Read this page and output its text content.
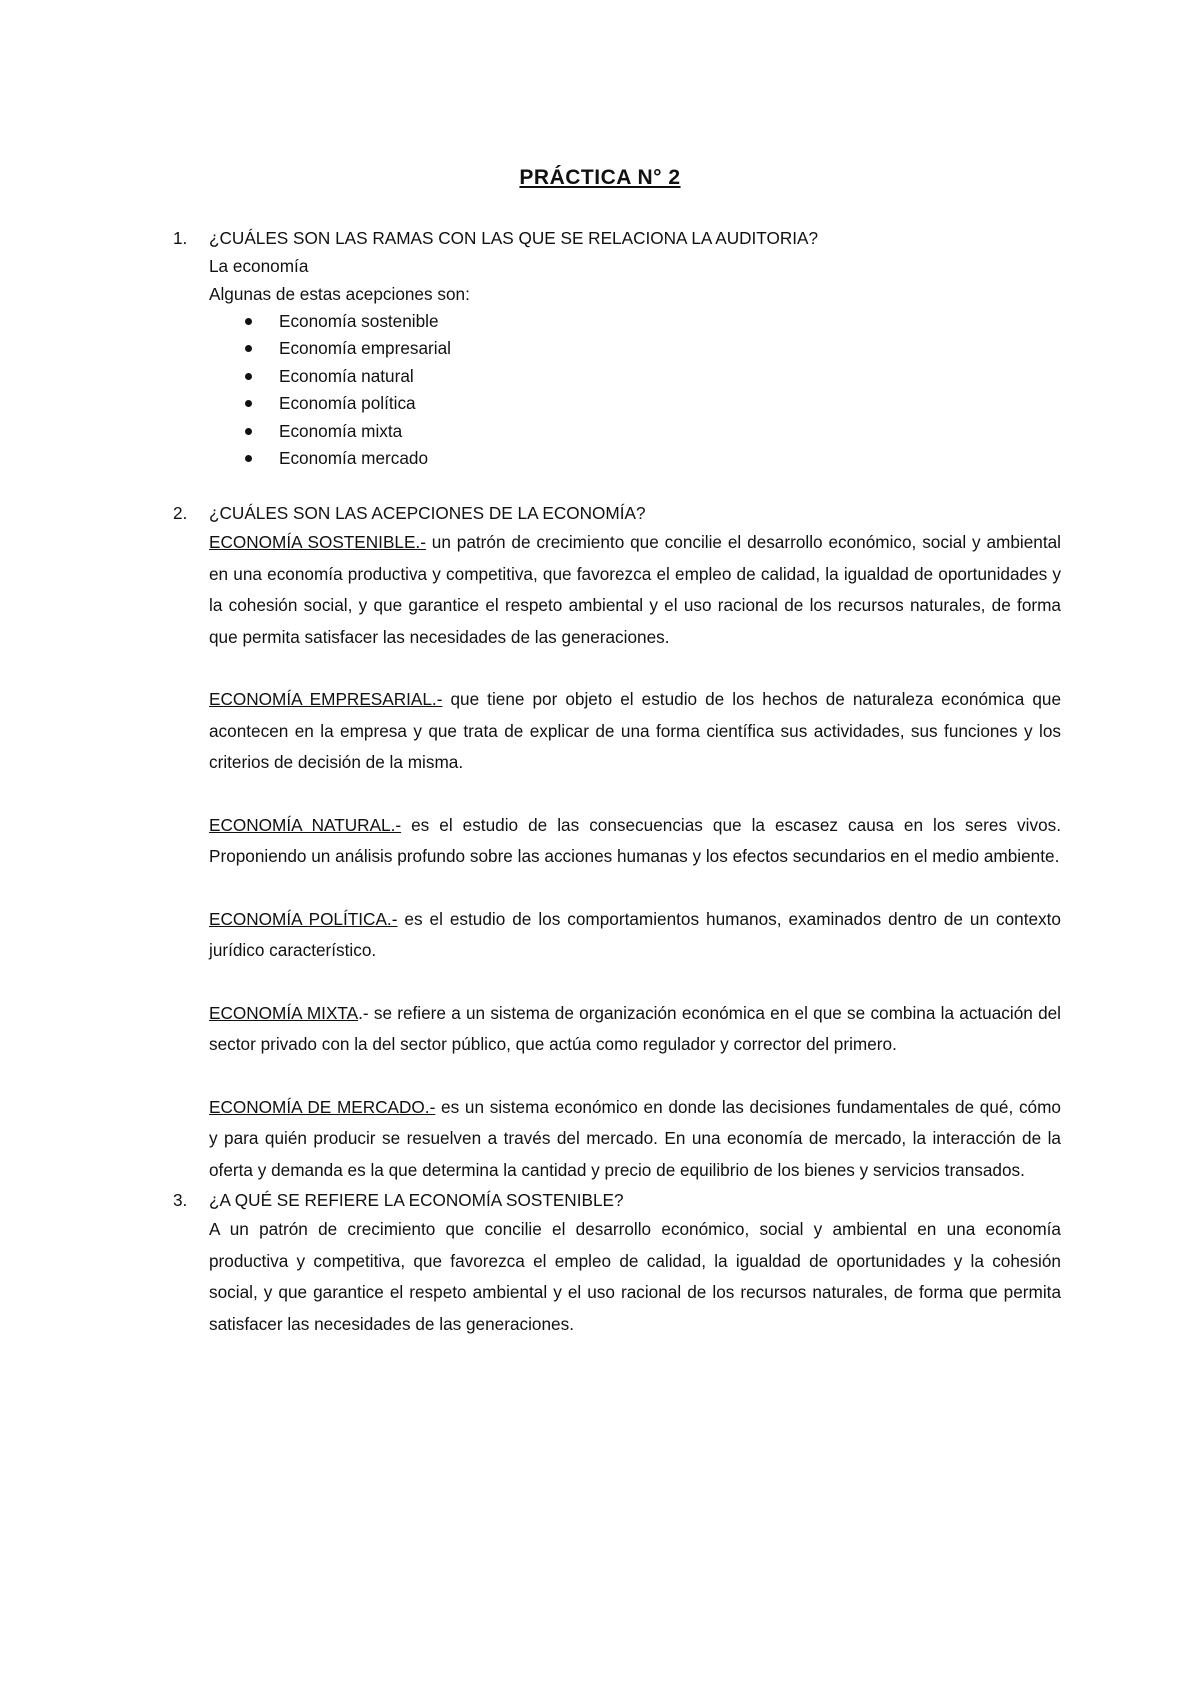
PRÁCTICA N° 2
1. ¿CUÁLES SON LAS RAMAS CON LAS QUE SE RELACIONA LA AUDITORIA?
La economía
Algunas de estas acepciones son:
Economía sostenible
Economía empresarial
Economía natural
Economía política
Economía mixta
Economía mercado
2. ¿CUÁLES SON LAS ACEPCIONES DE LA ECONOMÍA?
ECONOMÍA SOSTENIBLE.- un patrón de crecimiento que concilie el desarrollo económico, social y ambiental en una economía productiva y competitiva, que favorezca el empleo de calidad, la igualdad de oportunidades y la cohesión social, y que garantice el respeto ambiental y el uso racional de los recursos naturales, de forma que permita satisfacer las necesidades de las generaciones.
ECONOMÍA EMPRESARIAL.- que tiene por objeto el estudio de los hechos de naturaleza económica que acontecen en la empresa y que trata de explicar de una forma científica sus actividades, sus funciones y los criterios de decisión de la misma.
ECONOMÍA NATURAL.- es el estudio de las consecuencias que la escasez causa en los seres vivos. Proponiendo un análisis profundo sobre las acciones humanas y los efectos secundarios en el medio ambiente.
ECONOMÍA POLÍTICA.- es el estudio de los comportamientos humanos, examinados dentro de un contexto jurídico característico.
ECONOMÍA MIXTA.- se refiere a un sistema de organización económica en el que se combina la actuación del sector privado con la del sector público, que actúa como regulador y corrector del primero.
ECONOMÍA DE MERCADO.- es un sistema económico en donde las decisiones fundamentales de qué, cómo y para quién producir se resuelven a través del mercado. En una economía de mercado, la interacción de la oferta y demanda es la que determina la cantidad y precio de equilibrio de los bienes y servicios transados.
3. ¿A QUÉ SE REFIERE LA ECONOMÍA SOSTENIBLE?
A un patrón de crecimiento que concilie el desarrollo económico, social y ambiental en una economía productiva y competitiva, que favorezca el empleo de calidad, la igualdad de oportunidades y la cohesión social, y que garantice el respeto ambiental y el uso racional de los recursos naturales, de forma que permita satisfacer las necesidades de las generaciones.
